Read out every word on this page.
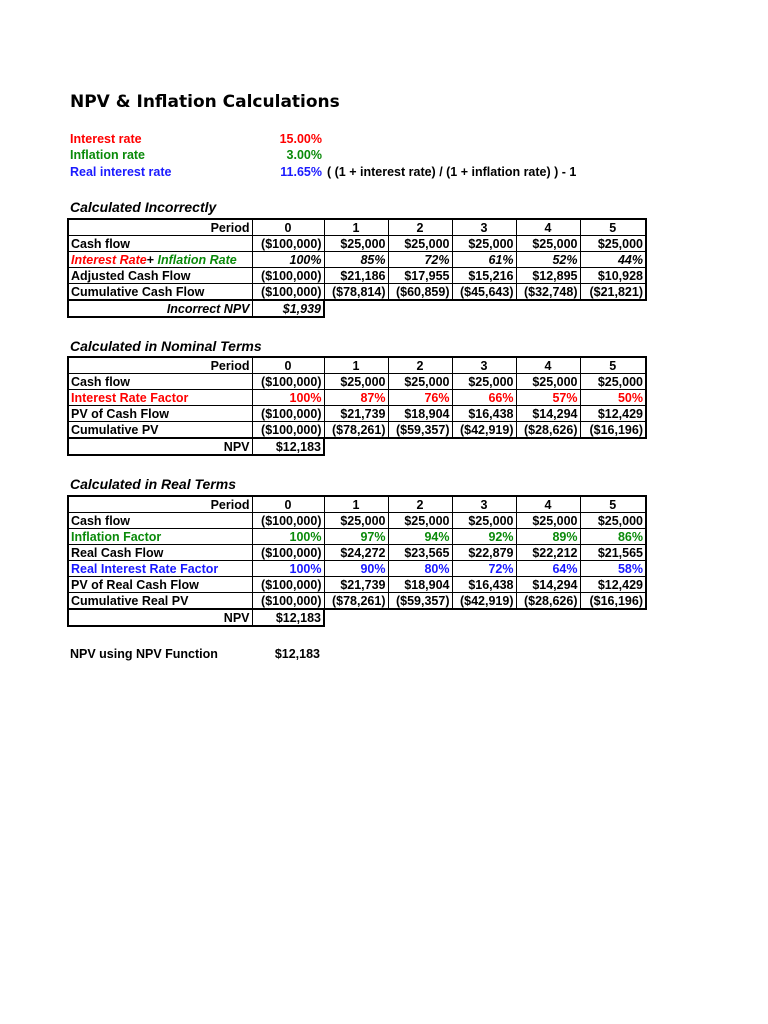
NPV & Inflation Calculations
Interest rate	15.00%
Inflation rate	3.00%
Real interest rate	11.65% ( (1 + interest rate) / (1 + inflation rate) ) - 1
Calculated Incorrectly
Period	0	1	2	3	4	5
Cash flow	($100,000)	$25,000	$25,000	$25,000	$25,000	$25,000
Interest Rate+ Inflation Rate	100%	85%	72%	61%	52%	44%
Adjusted Cash Flow	($100,000)	$21,186	$17,955	$15,216	$12,895	$10,928
Cumulative Cash Flow	($100,000)	($78,814)	($60,859)	($45,643)	($32,748)	($21,821)
Incorrect NPV	$1,939					
Calculated in Nominal Terms
Period	0	1	2	3	4	5
Cash flow	($100,000)	$25,000	$25,000	$25,000	$25,000	$25,000
Interest Rate Factor	100%	87%	76%	66%	57%	50%
PV of Cash Flow	($100,000)	$21,739	$18,904	$16,438	$14,294	$12,429
Cumulative PV	($100,000)	($78,261)	($59,357)	($42,919)	($28,626)	($16,196)
NPV	$12,183					
Calculated in Real Terms
Period	0	1	2	3	4	5
Cash flow	($100,000)	$25,000	$25,000	$25,000	$25,000	$25,000
Inflation Factor	100%	97%	94%	92%	89%	86%
Real Cash Flow	($100,000)	$24,272	$23,565	$22,879	$22,212	$21,565
Real Interest Rate Factor	100%	90%	80%	72%	64%	58%
PV of Real Cash Flow	($100,000)	$21,739	$18,904	$16,438	$14,294	$12,429
Cumulative Real PV	($100,000)	($78,261)	($59,357)	($42,919)	($28,626)	($16,196)
NPV	$12,183					
NPV using NPV Function	$12,183
